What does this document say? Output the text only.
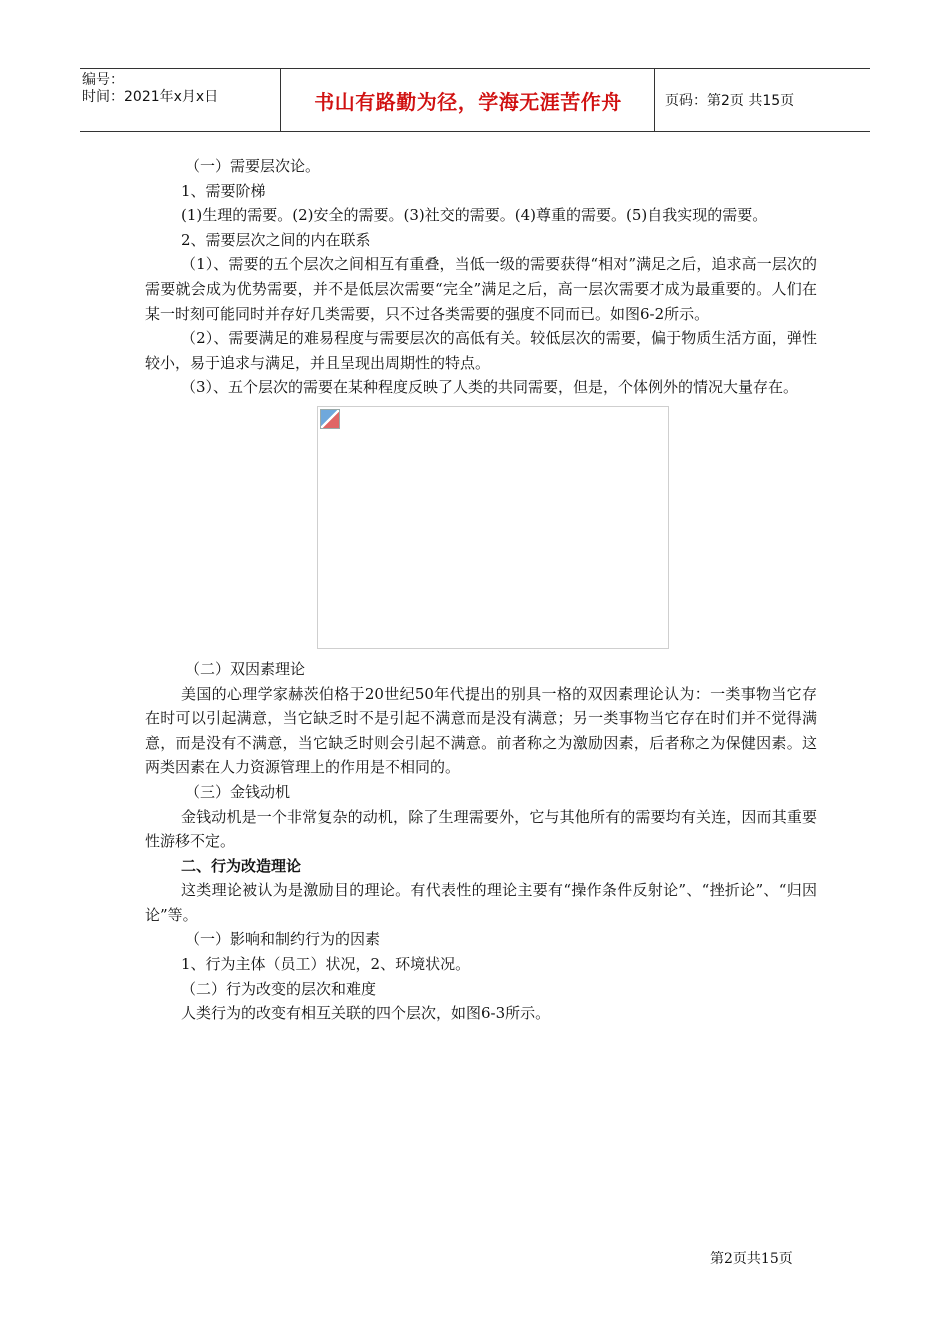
编号：
时间：2021年x月x日	书山有路勤为径，学海无涯苦作舟	页码：第2页 共15页

（一）需要层次论。

1、需要阶梯

(1)生理的需要。(2)安全的需要。(3)社交的需要。(4)尊重的需要。(5)自我实现的需要。

2、需要层次之间的内在联系

（1）、需要的五个层次之间相互有重叠，当低一级的需要获得“相对”满足之后，追求高一层次的需要就会成为优势需要，并不是低层次需要“完全”满足之后，高一层次需要才成为最重要的。人们在某一时刻可能同时并存好几类需要，只不过各类需要的强度不同而已。如图6-2所示。

（2）、需要满足的难易程度与需要层次的高低有关。较低层次的需要，偏于物质生活方面，弹性较小，易于追求与满足，并且呈现出周期性的特点。

（3）、五个层次的需要在某种程度反映了人类的共同需要，但是，个体例外的情况大量存在。

（二）双因素理论

美国的心理学家赫茨伯格于20世纪50年代提出的别具一格的双因素理论认为：一类事物当它存在时可以引起满意，当它缺乏时不是引起不满意而是没有满意；另一类事物当它存在时们并不觉得满意，而是没有不满意，当它缺乏时则会引起不满意。前者称之为激励因素，后者称之为保健因素。这两类因素在人力资源管理上的作用是不相同的。

（三）金钱动机

金钱动机是一个非常复杂的动机，除了生理需要外，它与其他所有的需要均有关连，因而其重要性游移不定。

二、行为改造理论

这类理论被认为是激励目的理论。有代表性的理论主要有“操作条件反射论”、“挫折论”、“归因论”等。

（一）影响和制约行为的因素

1、行为主体（员工）状况，2、环境状况。

（二）行为改变的层次和难度

人类行为的改变有相互关联的四个层次，如图6-3所示。

第2页共15页
